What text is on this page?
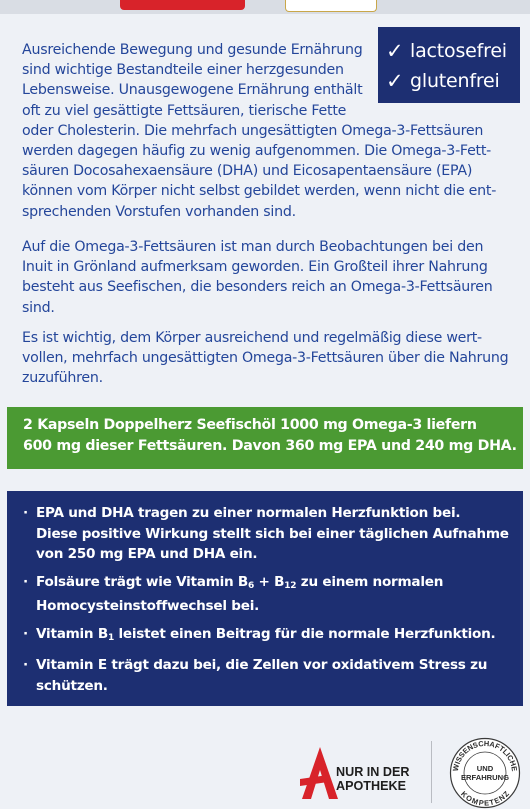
✓ lactosefrei
✓ glutenfrei

Ausreichende Bewegung und gesunde Ernährung
sind wichtige Bestandteile einer herzgesunden
Lebensweise. Unausgewogene Ernährung enthält
oft zu viel gesättigte Fettsäuren, tierische Fette
oder Cholesterin. Die mehrfach ungesättigten Omega-3-Fettsäuren
werden dagegen häufig zu wenig aufgenommen. Die Omega-3-Fett-
säuren Docosahexaensäure (DHA) und Eicosapentaensäure (EPA)
können vom Körper nicht selbst gebildet werden, wenn nicht die ent-
sprechenden Vorstufen vorhanden sind.

Auf die Omega-3-Fettsäuren ist man durch Beobachtungen bei den
Inuit in Grönland aufmerksam geworden. Ein Großteil ihrer Nahrung
besteht aus Seefischen, die besonders reich an Omega-3-Fettsäuren
sind.

Es ist wichtig, dem Körper ausreichend und regelmäßig diese wert-
vollen, mehrfach ungesättigten Omega-3-Fettsäuren über die Nahrung
zuzuführen.

2 Kapseln Doppelherz Seefischöl 1000 mg Omega-3 liefern
600 mg dieser Fettsäuren. Davon 360 mg EPA und 240 mg DHA.
· EPA und DHA tragen zu einer normalen Herzfunktion bei.
Diese positive Wirkung stellt sich bei einer täglichen Aufnahme
von 250 mg EPA und DHA ein.
· Folsäure trägt wie Vitamin $B_6 + B_{12}$ zu einem normalen
Homocysteinstoffwechsel bei.
· Vitamin $B_1$ leistet einen Beitrag für die normale Herzfunktion.
· Vitamin E trägt dazu bei, die Zellen vor oxidativem Stress zu
schützen.
NUR IN DER
APOTHEKE
WISSENSCHAFTLICHE
KOMPETENZ
UND
ERFAHRUNG
